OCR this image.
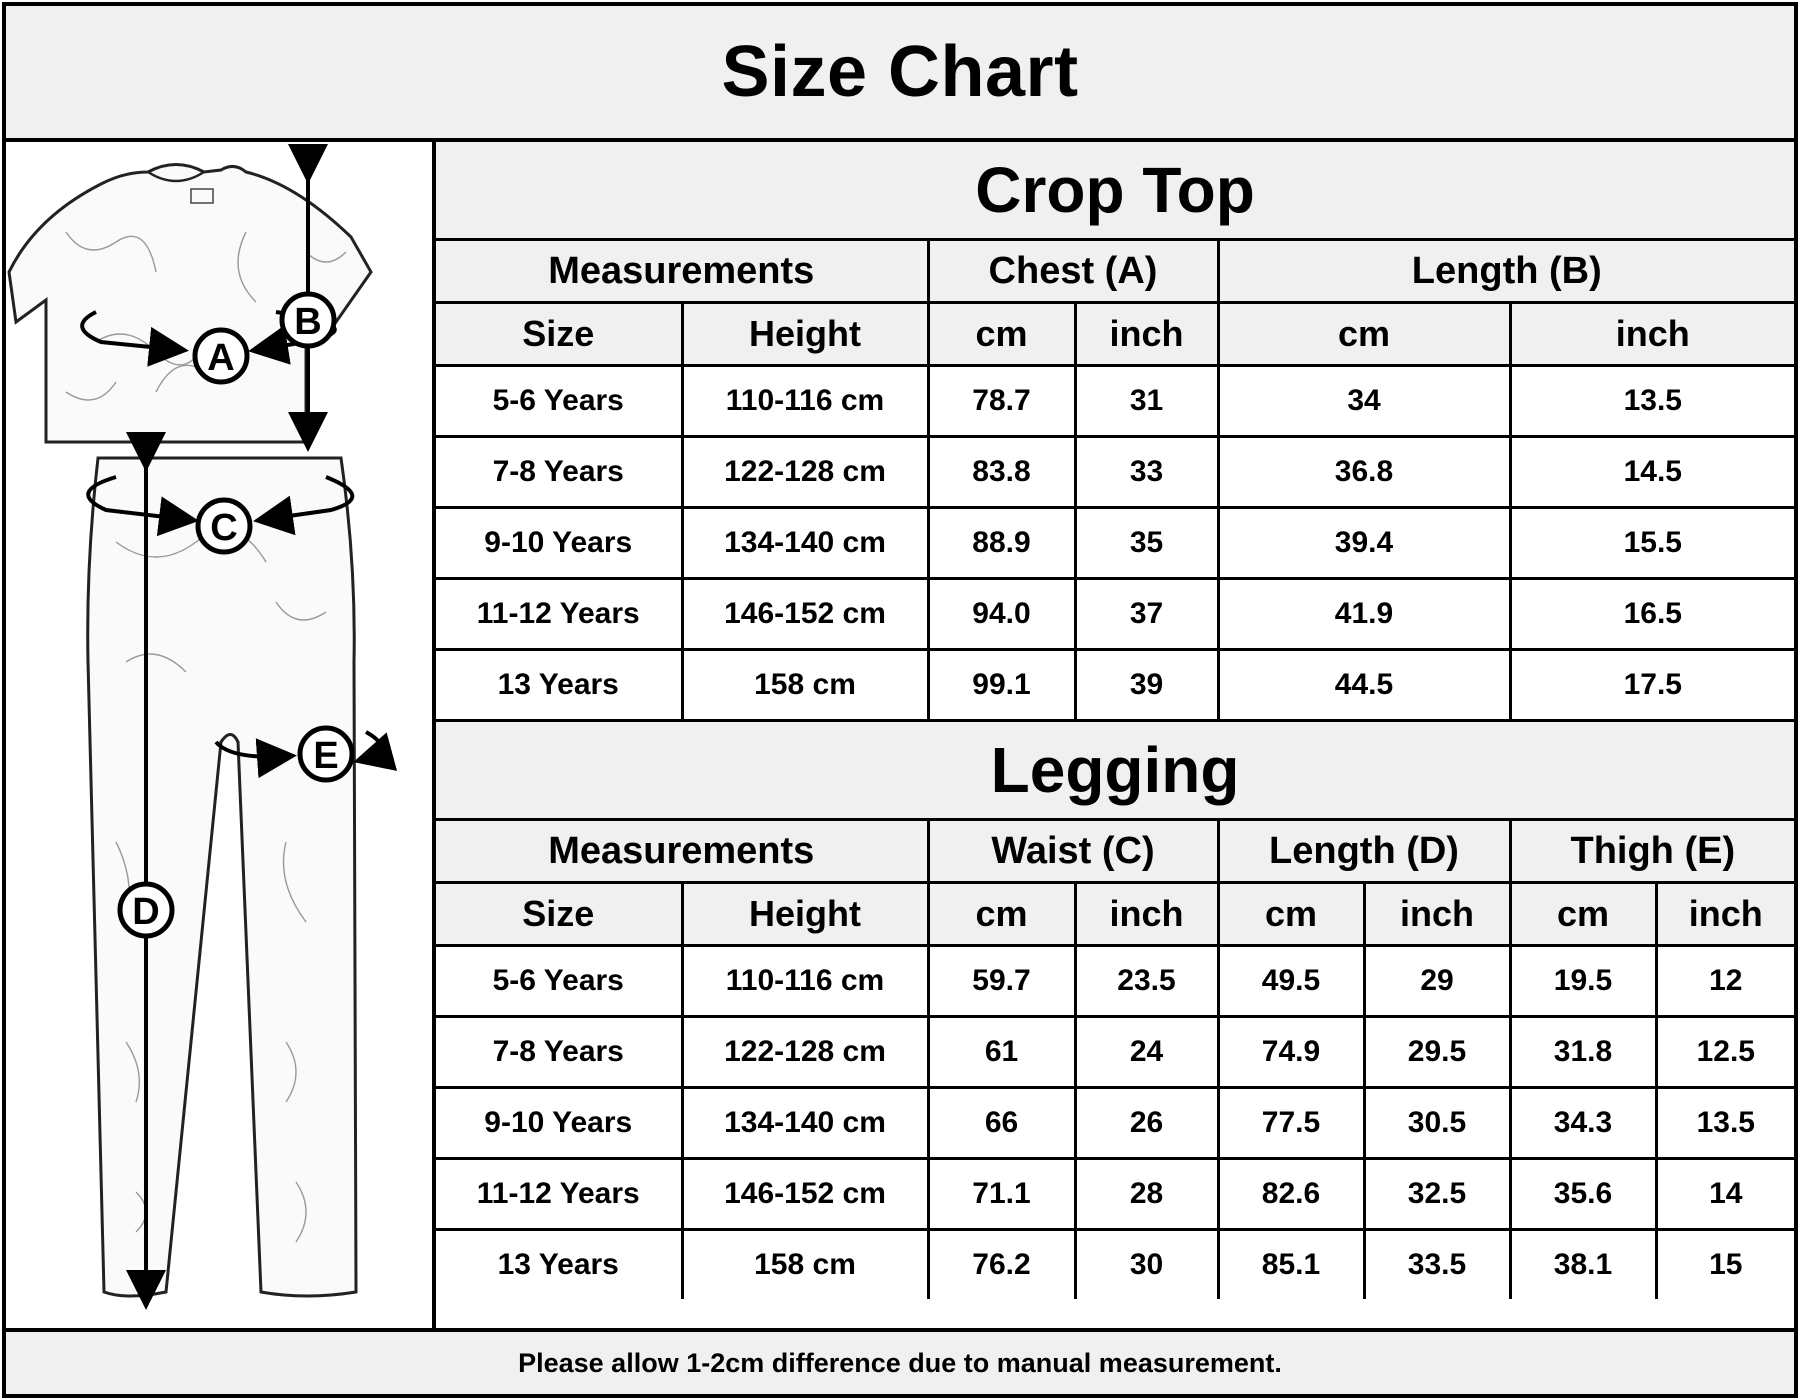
Size Chart
A
B
C
D
E
Crop Top					
Measurements		Chest (A)		Length (B)	
Size	Height	cm	inch	cm	inch
5-6 Years	110-116 cm	78.7	31	34	13.5
7-8 Years	122-128 cm	83.8	33	36.8	14.5
9-10 Years	134-140 cm	88.9	35	39.4	15.5
11-12 Years	146-152 cm	94.0	37	41.9	16.5
13 Years	158 cm	99.1	39	44.5	17.5
Legging							
Measurements		Waist (C)		Length (D)		Thigh (E)	
Size	Height	cm	inch	cm	inch	cm	inch
5-6 Years	110-116 cm	59.7	23.5	49.5	29	19.5	12
7-8 Years	122-128 cm	61	24	74.9	29.5	31.8	12.5
9-10 Years	134-140 cm	66	26	77.5	30.5	34.3	13.5
11-12 Years	146-152 cm	71.1	28	82.6	32.5	35.6	14
13 Years	158 cm	76.2	30	85.1	33.5	38.1	15
Please allow 1-2cm difference due to manual measurement.
